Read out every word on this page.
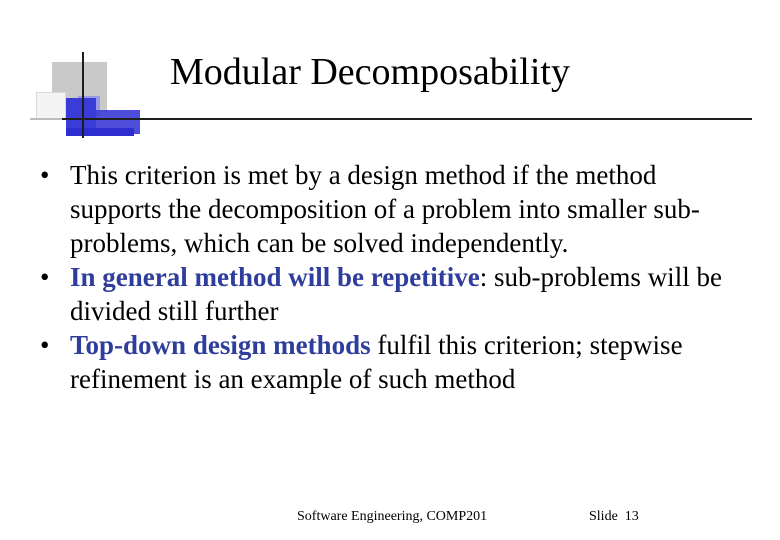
Modular Decomposability
• This criterion is met by a design method if the method supports the decomposition of a problem into smaller sub-problems, which can be solved independently.
• In general method will be repetitive: sub-problems will be divided still further
• Top-down design methods fulfil this criterion; stepwise refinement is an example of such method
Software Engineering, COMP201	Slide 13
